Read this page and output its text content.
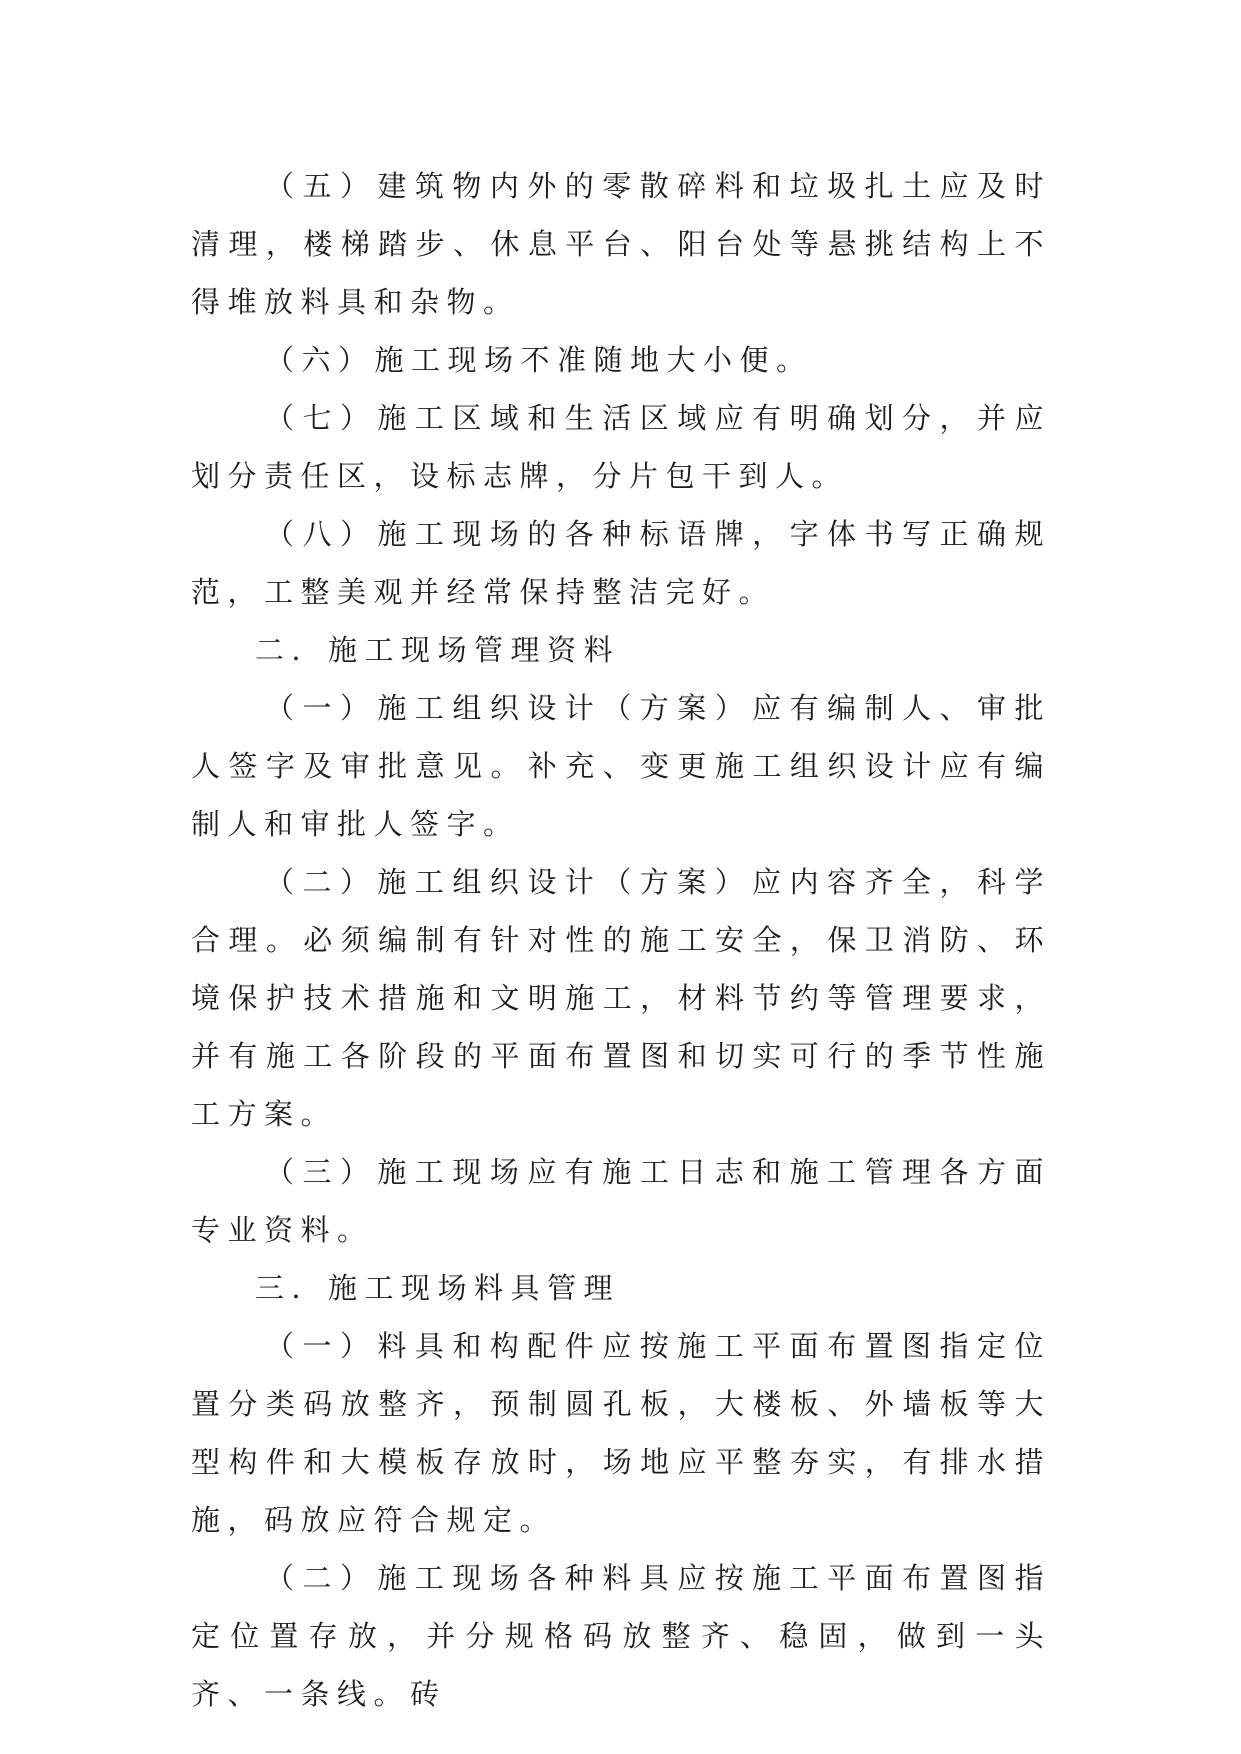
（五）建筑物内外的零散碎料和垃圾扎土应及时清理，楼梯踏步、休息平台、阳台处等悬挑结构上不得堆放料具和杂物。

（六）施工现场不准随地大小便。

（七）施工区域和生活区域应有明确划分，并应划分责任区，设标志牌，分片包干到人。

（八）施工现场的各种标语牌，字体书写正确规范，工整美观并经常保持整洁完好。

二．施工现场管理资料

（一）施工组织设计（方案）应有编制人、审批人签字及审批意见。补充、变更施工组织设计应有编制人和审批人签字。

（二）施工组织设计（方案）应内容齐全，科学合理。必须编制有针对性的施工安全，保卫消防、环境保护技术措施和文明施工，材料节约等管理要求，并有施工各阶段的平面布置图和切实可行的季节性施工方案。

（三）施工现场应有施工日志和施工管理各方面专业资料。

三．施工现场料具管理

（一）料具和构配件应按施工平面布置图指定位置分类码放整齐，预制圆孔板，大楼板、外墙板等大型构件和大模板存放时，场地应平整夯实，有排水措施，码放应符合规定。

（二）施工现场各种料具应按施工平面布置图指定位置存放，并分规格码放整齐、稳固，做到一头齐、一条线。砖
